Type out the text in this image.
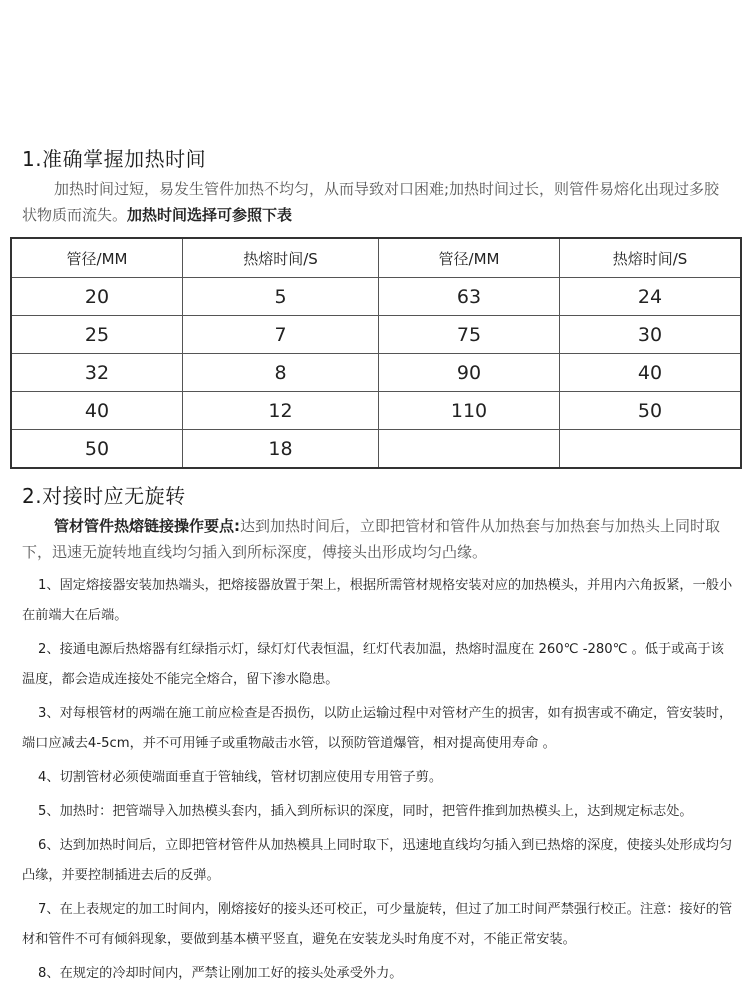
1.准确掌握加热时间
加热时间过短，易发生管件加热不均匀，从而导致对口困难;加热时间过长，则管件易熔化出现过多胶状物质而流失。加热时间选择可参照下表
管径/MM	热熔时间/S	管径/MM	热熔时间/S
20	5	63	24
25	7	75	30
32	8	90	40
40	12	110	50
50	18		
2.对接时应无旋转
管材管件热熔链接操作要点:达到加热时间后，立即把管材和管件从加热套与加热套与加热头上同时取下，迅速无旋转地直线均匀插入到所标深度，傅接头出形成均匀凸缘。

1、固定熔接器安装加热端头，把熔接器放置于架上，根据所需管材规格安装对应的加热模头，并用内六角扳紧，一般小在前端大在后端。

2、接通电源后热熔器有红绿指示灯，绿灯灯代表恒温，红灯代表加温，热熔时温度在 260℃ -280℃ 。低于或高于该温度，都会造成连接处不能完全熔合，留下渗水隐患。

3、对每根管材的两端在施工前应检查是否损伤，以防止运输过程中对管材产生的损害，如有损害或不确定，管安装时，端口应减去4-5cm，并不可用锤子或重物敲击水管，以预防管道爆管，相对提高使用寿命 。

4、切割管材必须使端面垂直于管轴线，管材切割应使用专用管子剪。

5、加热时：把管端导入加热模头套内，插入到所标识的深度，同时，把管件推到加热模头上，达到规定标志处。

6、达到加热时间后，立即把管材管件从加热模具上同时取下，迅速地直线均匀插入到已热熔的深度，使接头处形成均匀凸缘，并要控制插进去后的反弹。

7、在上表规定的加工时间内，刚熔接好的接头还可校正，可少量旋转，但过了加工时间严禁强行校正。注意：接好的管材和管件不可有倾斜现象，要做到基本横平竖直，避免在安装龙头时角度不对，不能正常安装。

8、在规定的冷却时间内，严禁让刚加工好的接头处承受外力。
